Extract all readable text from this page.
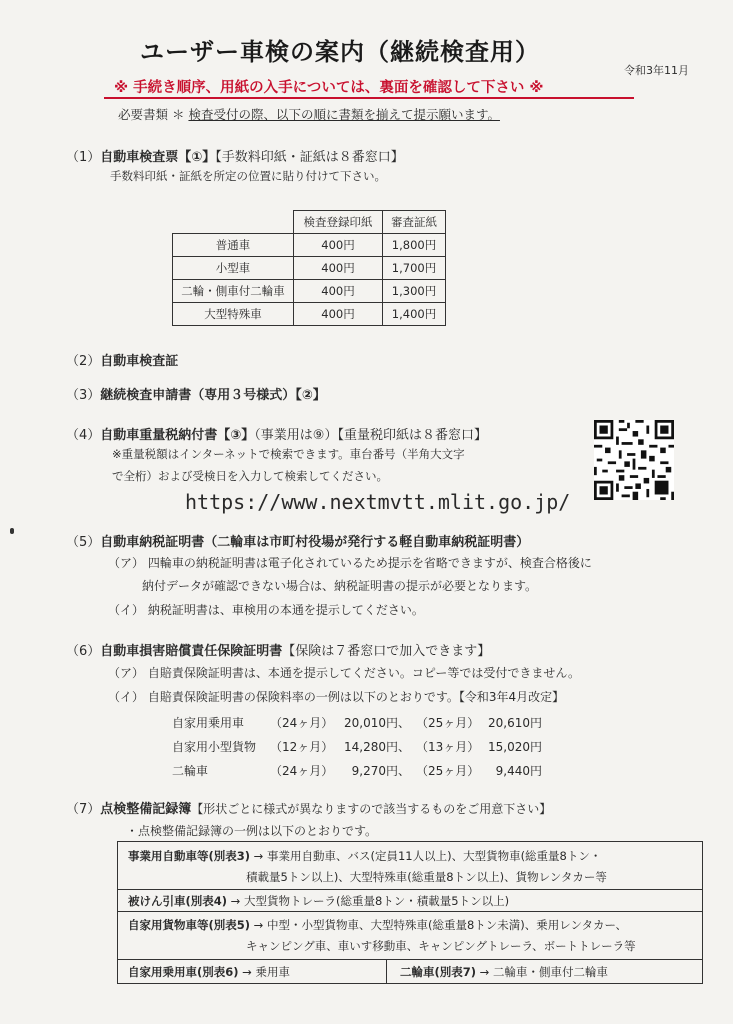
ユーザー車検の案内（継続検査用）
令和3年11月
※ 手続き順序、用紙の入手については、裏面を確認して下さい ※
必要書類 ＊ 検査受付の際、以下の順に書類を揃えて提示願います。
（1）自動車検査票【①】【手数料印紙・証紙は８番窓口】
手数料印紙・証紙を所定の位置に貼り付けて下さい。
	検査登録印紙	審査証紙
普通車	400円	1,800円
小型車	400円	1,700円
二輪・側車付二輪車	400円	1,300円
大型特殊車	400円	1,400円
（2）自動車検査証
（3）継続検査申請書（専用３号様式）【②】
（4）自動車重量税納付書【③】（事業用は⑨）【重量税印紙は８番窓口】
※重量税額はインターネットで検索できます。車台番号（半角大文字
で全桁）および受検日を入力して検索してください。
https://www.nextmvtt.mlit.go.jp/
（5）自動車納税証明書（二輪車は市町村役場が発行する軽自動車納税証明書）
（ア） 四輪車の納税証明書は電子化されているため提示を省略できますが、検査合格後に
納付データが確認できない場合は、納税証明書の提示が必要となります。
（イ） 納税証明書は、車検用の本通を提示してください。
（6）自動車損害賠償責任保険証明書【保険は７番窓口で加入できます】
（ア） 自賠責保険証明書は、本通を提示してください。コピー等では受付できません。
（イ） 自賠責保険証明書の保険料率の一例は以下のとおりです。【令和3年4月改定】
自家用乗用車 （24ヶ月） 20,010円、 （25ヶ月） 20,610円
自家用小型貨物 （12ヶ月） 14,280円、 （13ヶ月） 15,020円
二輪車	（24ヶ月）	9,270円、 （25ヶ月）	9,440円
（7）点検整備記録簿【形状ごとに様式が異なりますので該当するものをご用意下さい】
・点検整備記録簿の一例は以下のとおりです。
事業用自動車等(別表3) → 事業用自動車、バス(定員11人以上)、大型貨物車(総重量8トン・
積載量5トン以上)、大型特殊車(総重量8トン以上)、貨物レンタカー等
被けん引車(別表4) → 大型貨物トレーラ(総重量8トン・積載量5トン以上)
自家用貨物車等(別表5) → 中型・小型貨物車、大型特殊車(総重量8トン未満)、乗用レンタカー、
キャンピング車、車いす移動車、キャンピングトレーラ、ボートトレーラ等
自家用乗用車(別表6) → 乗用車	二輪車(別表7) → 二輪車・側車付二輪車
